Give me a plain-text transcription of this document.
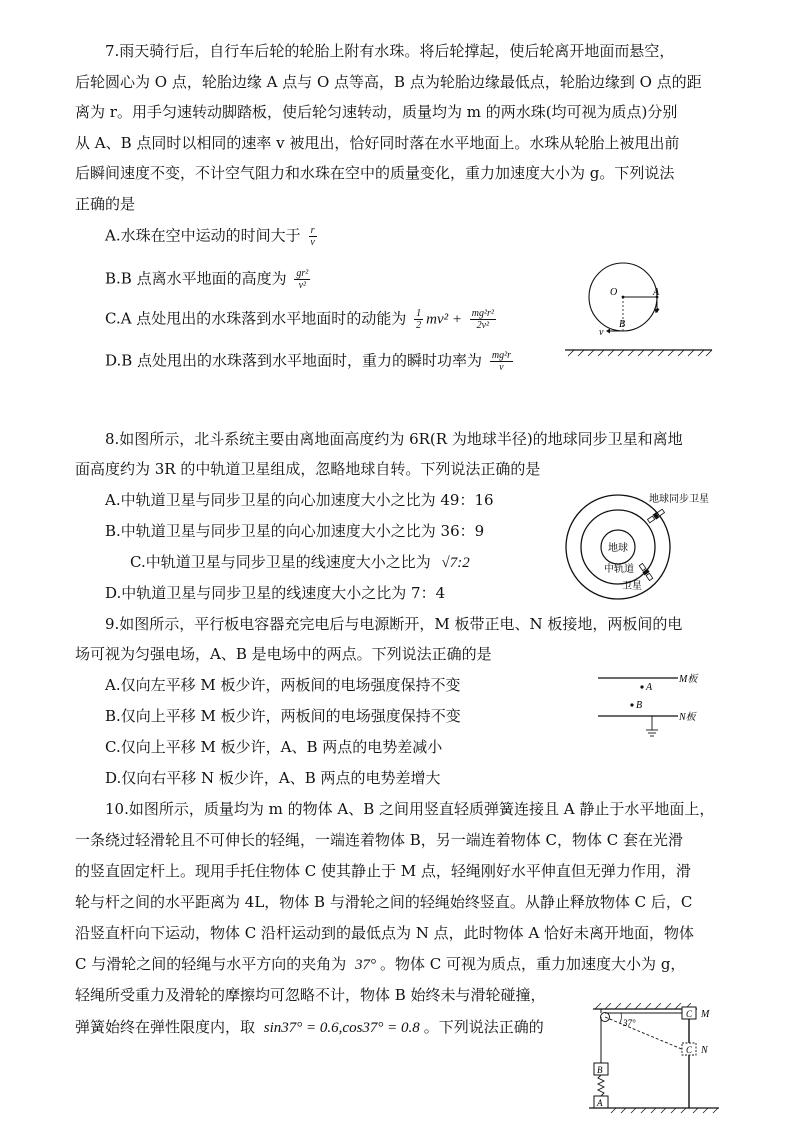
7.雨天骑行后，自行车后轮的轮胎上附有水珠。将后轮撑起，使后轮离开地面而悬空，
后轮圆心为 O 点，轮胎边缘 A 点与 O 点等高，B 点为轮胎边缘最低点，轮胎边缘到 O 点的距
离为 r。用手匀速转动脚踏板，使后轮匀速转动，质量均为 m 的两水珠(均可视为质点)分别
从 A、B 点同时以相同的速率 v 被甩出，恰好同时落在水平地面上。水珠从轮胎上被甩出前
后瞬间速度不变，不计空气阻力和水珠在空中的质量变化，重力加速度大小为 g。下列说法
正确的是
A.水珠在空中运动的时间大于 $\frac{r}{v}$
B.B 点离水平地面的高度为 $\frac{\text{gr²}}{\text{v²}}$
C.A 点处甩出的水珠落到水平地面时的动能为 $\frac{1}{2} mv^2 + \frac{\text{mg²r²}}{\text{2v²}}$
D.B 点处甩出的水珠落到水平地面时，重力的瞬时功率为 $\frac{\text{mg²r}}{v}$
O	A
v
B
v
8.如图所示，北斗系统主要由离地面高度约为 6R(R 为地球半径)的地球同步卫星和离地
面高度约为 3R 的中轨道卫星组成，忽略地球自转。下列说法正确的是
A.中轨道卫星与同步卫星的向心加速度大小之比为 49：16
B.中轨道卫星与同步卫星的向心加速度大小之比为 36：9
C.中轨道卫星与同步卫星的线速度大小之比为 √7:2
D.中轨道卫星与同步卫星的线速度大小之比为 7：4
地球同步卫星
地球
中轨道
卫星
9.如图所示，平行板电容器充完电后与电源断开，M 板带正电、N 板接地，两板间的电
场可视为匀强电场，A、B 是电场中的两点。下列说法正确的是
A.仅向左平移 M 板少许，两板间的电场强度保持不变
B.仅向上平移 M 板少许，两板间的电场强度保持不变
C.仅向上平移 M 板少许，A、B 两点的电势差减小
D.仅向右平移 N 板少许，A、B 两点的电势差增大
A
B
M板
N板
10.如图所示，质量均为 m 的物体 A、B 之间用竖直轻质弹簧连接且 A 静止于水平地面上，
一条绕过轻滑轮且不可伸长的轻绳，一端连着物体 B，另一端连着物体 C，物体 C 套在光滑
的竖直固定杆上。现用手托住物体 C 使其静止于 M 点，轻绳刚好水平伸直但无弹力作用，滑
轮与杆之间的水平距离为 4L，物体 B 与滑轮之间的轻绳始终竖直。从静止释放物体 C 后，C
沿竖直杆向下运动，物体 C 沿杆运动到的最低点为 N 点，此时物体 A 恰好未离开地面，物体
C 与滑轮之间的轻绳与水平方向的夹角为 37° 。物体 C 可视为质点，重力加速度大小为 g，
轻绳所受重力及滑轮的摩擦均可忽略不计，物体 B 始终未与滑轮碰撞，
弹簧始终在弹性限度内，取 sin37° = 0.6,cos37° = 0.8 。下列说法正确的	37°
C M
C N
B
A
